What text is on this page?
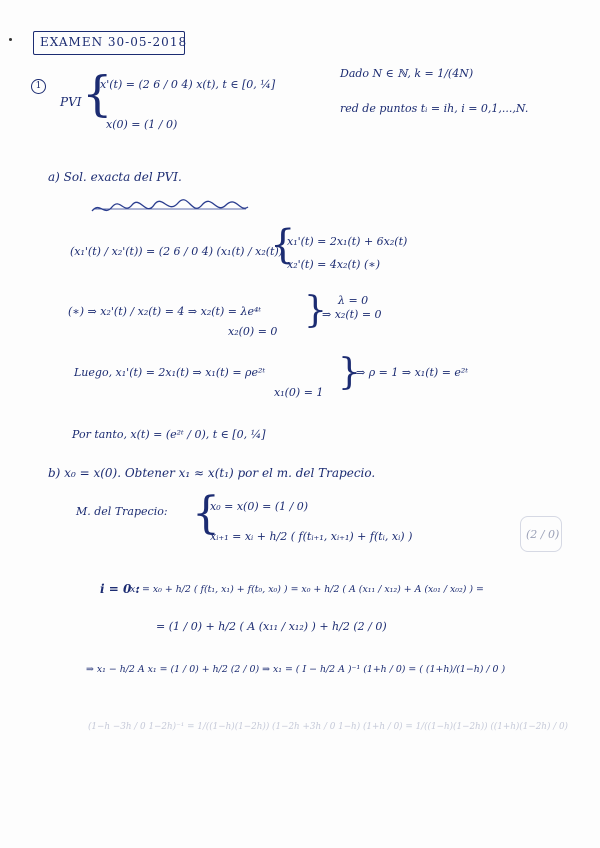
EXAMEN 30-05-2018
1
PVI {
x'(t) = (2 6 / 0 4) x(t), t ∈ [0, ¼]
x(0) = (1 / 0)
Dado N ∈ ℕ, k = 1/(4N)
red de puntos tᵢ = ih, i = 0,1,...,N.
a) Sol. exacta del PVI.
(x₁'(t) / x₂'(t)) = (2 6 / 0 4) (x₁(t) / x₂(t))
{
x₁'(t) = 2x₁(t) + 6x₂(t)
x₂'(t) = 4x₂(t) (∗)
(∗) ⇒ x₂'(t) / x₂(t) = 4 ⇒ x₂(t) = λe⁴ᵗ
x₂(0) = 0
} λ = 0
⇒ x₂(t) = 0
Luego, x₁'(t) = 2x₁(t) ⇒ x₁(t) = ρe²ᵗ
x₁(0) = 1 }
⇒ ρ = 1 ⇒ x₁(t) = e²ᵗ
Por tanto, x(t) = (e²ᵗ / 0), t ∈ [0, ¼]
b) x₀ = x(0). Obtener x₁ ≈ x(t₁) por el m. del Trapecio.
M. del Trapecio: {
x₀ = x(0) = (1 / 0)
xᵢ₊₁ = xᵢ + h/2 ( f(tᵢ₊₁, xᵢ₊₁) + f(tᵢ, xᵢ) )	(2 / 0)
i = 0 :
x₁ = x₀ + h/2 ( f(t₁, x₁) + f(t₀, x₀) ) = x₀ + h/2 ( A (x₁₁ / x₁₂) + A (x₀₁ / x₀₂) ) =
= (1 / 0) + h/2 ( A (x₁₁ / x₁₂) ) + h/2 (2 / 0)
⇒ x₁ − h/2 A x₁ = (1 / 0) + h/2 (2 / 0) ⇒ x₁ = ( I − h/2 A )⁻¹ (1+h / 0) = ( (1+h)/(1−h) / 0 )
(1−h −3h / 0 1−2h)⁻¹ = 1/((1−h)(1−2h)) (1−2h +3h / 0 1−h) (1+h / 0) = 1/((1−h)(1−2h)) ((1+h)(1−2h) / 0)
